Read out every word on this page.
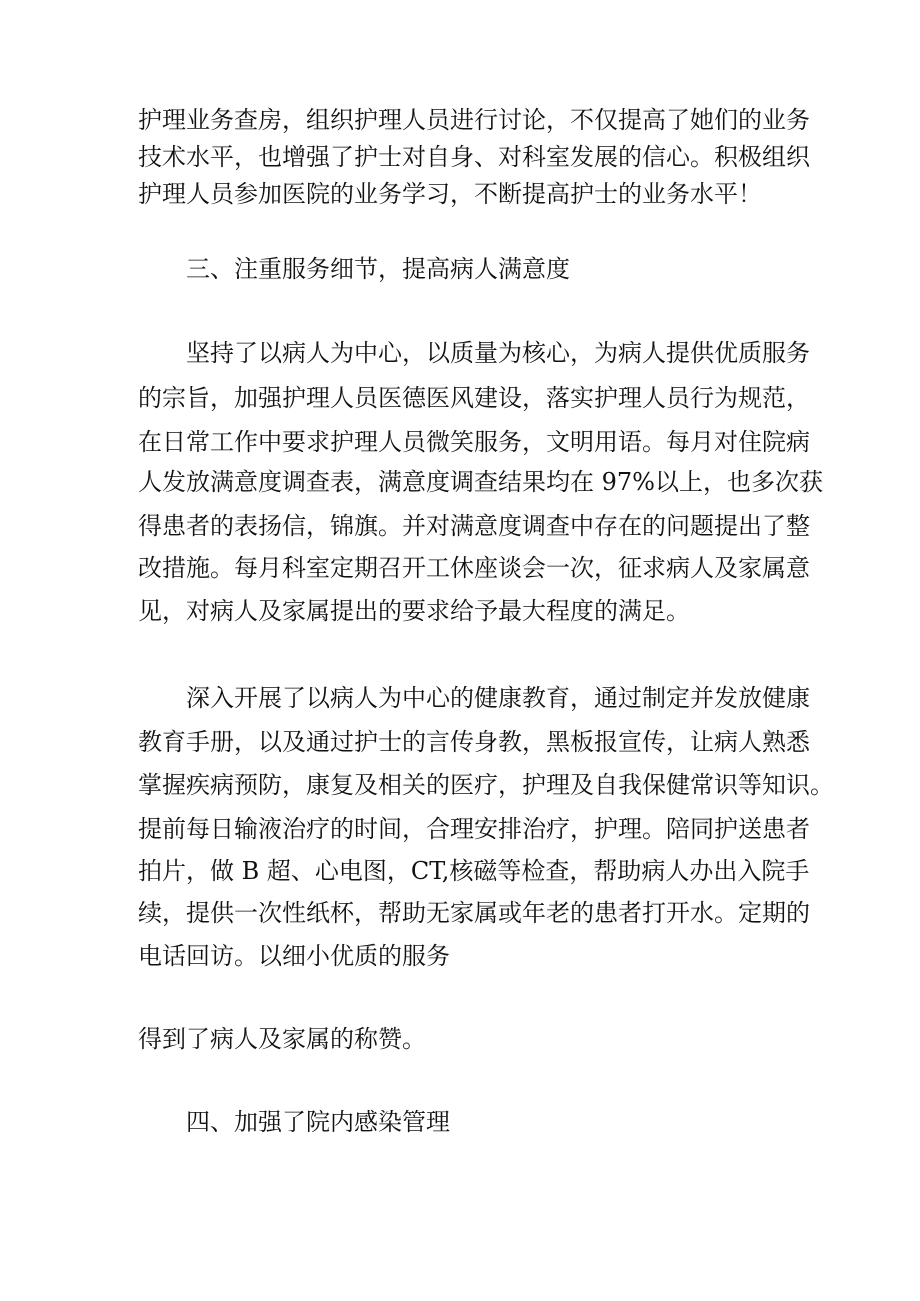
护理业务查房，组织护理人员进行讨论，不仅提高了她们的业务
技术水平，也增强了护士对自身、对科室发展的信心。积极组织
护理人员参加医院的业务学习，不断提高护士的业务水平！
三、注重服务细节，提高病人满意度
坚持了以病人为中心，以质量为核心，为病人提供优质服务
的宗旨，加强护理人员医德医风建设，落实护理人员行为规范，
在日常工作中要求护理人员微笑服务，文明用语。每月对住院病
人发放满意度调查表，满意度调查结果均在 97%以上，也多次获
得患者的表扬信，锦旗。并对满意度调查中存在的问题提出了整
改措施。每月科室定期召开工休座谈会一次，征求病人及家属意
见，对病人及家属提出的要求给予最大程度的满足。
深入开展了以病人为中心的健康教育，通过制定并发放健康
教育手册，以及通过护士的言传身教，黑板报宣传，让病人熟悉
掌握疾病预防，康复及相关的医疗，护理及自我保健常识等知识。
提前每日输液治疗的时间，合理安排治疗，护理。陪同护送患者
拍片，做 B 超、心电图，CT,核磁等检查，帮助病人办出入院手
续，提供一次性纸杯，帮助无家属或年老的患者打开水。定期的
电话回访。以细小优质的服务
得到了病人及家属的称赞。
四、加强了院内感染管理
